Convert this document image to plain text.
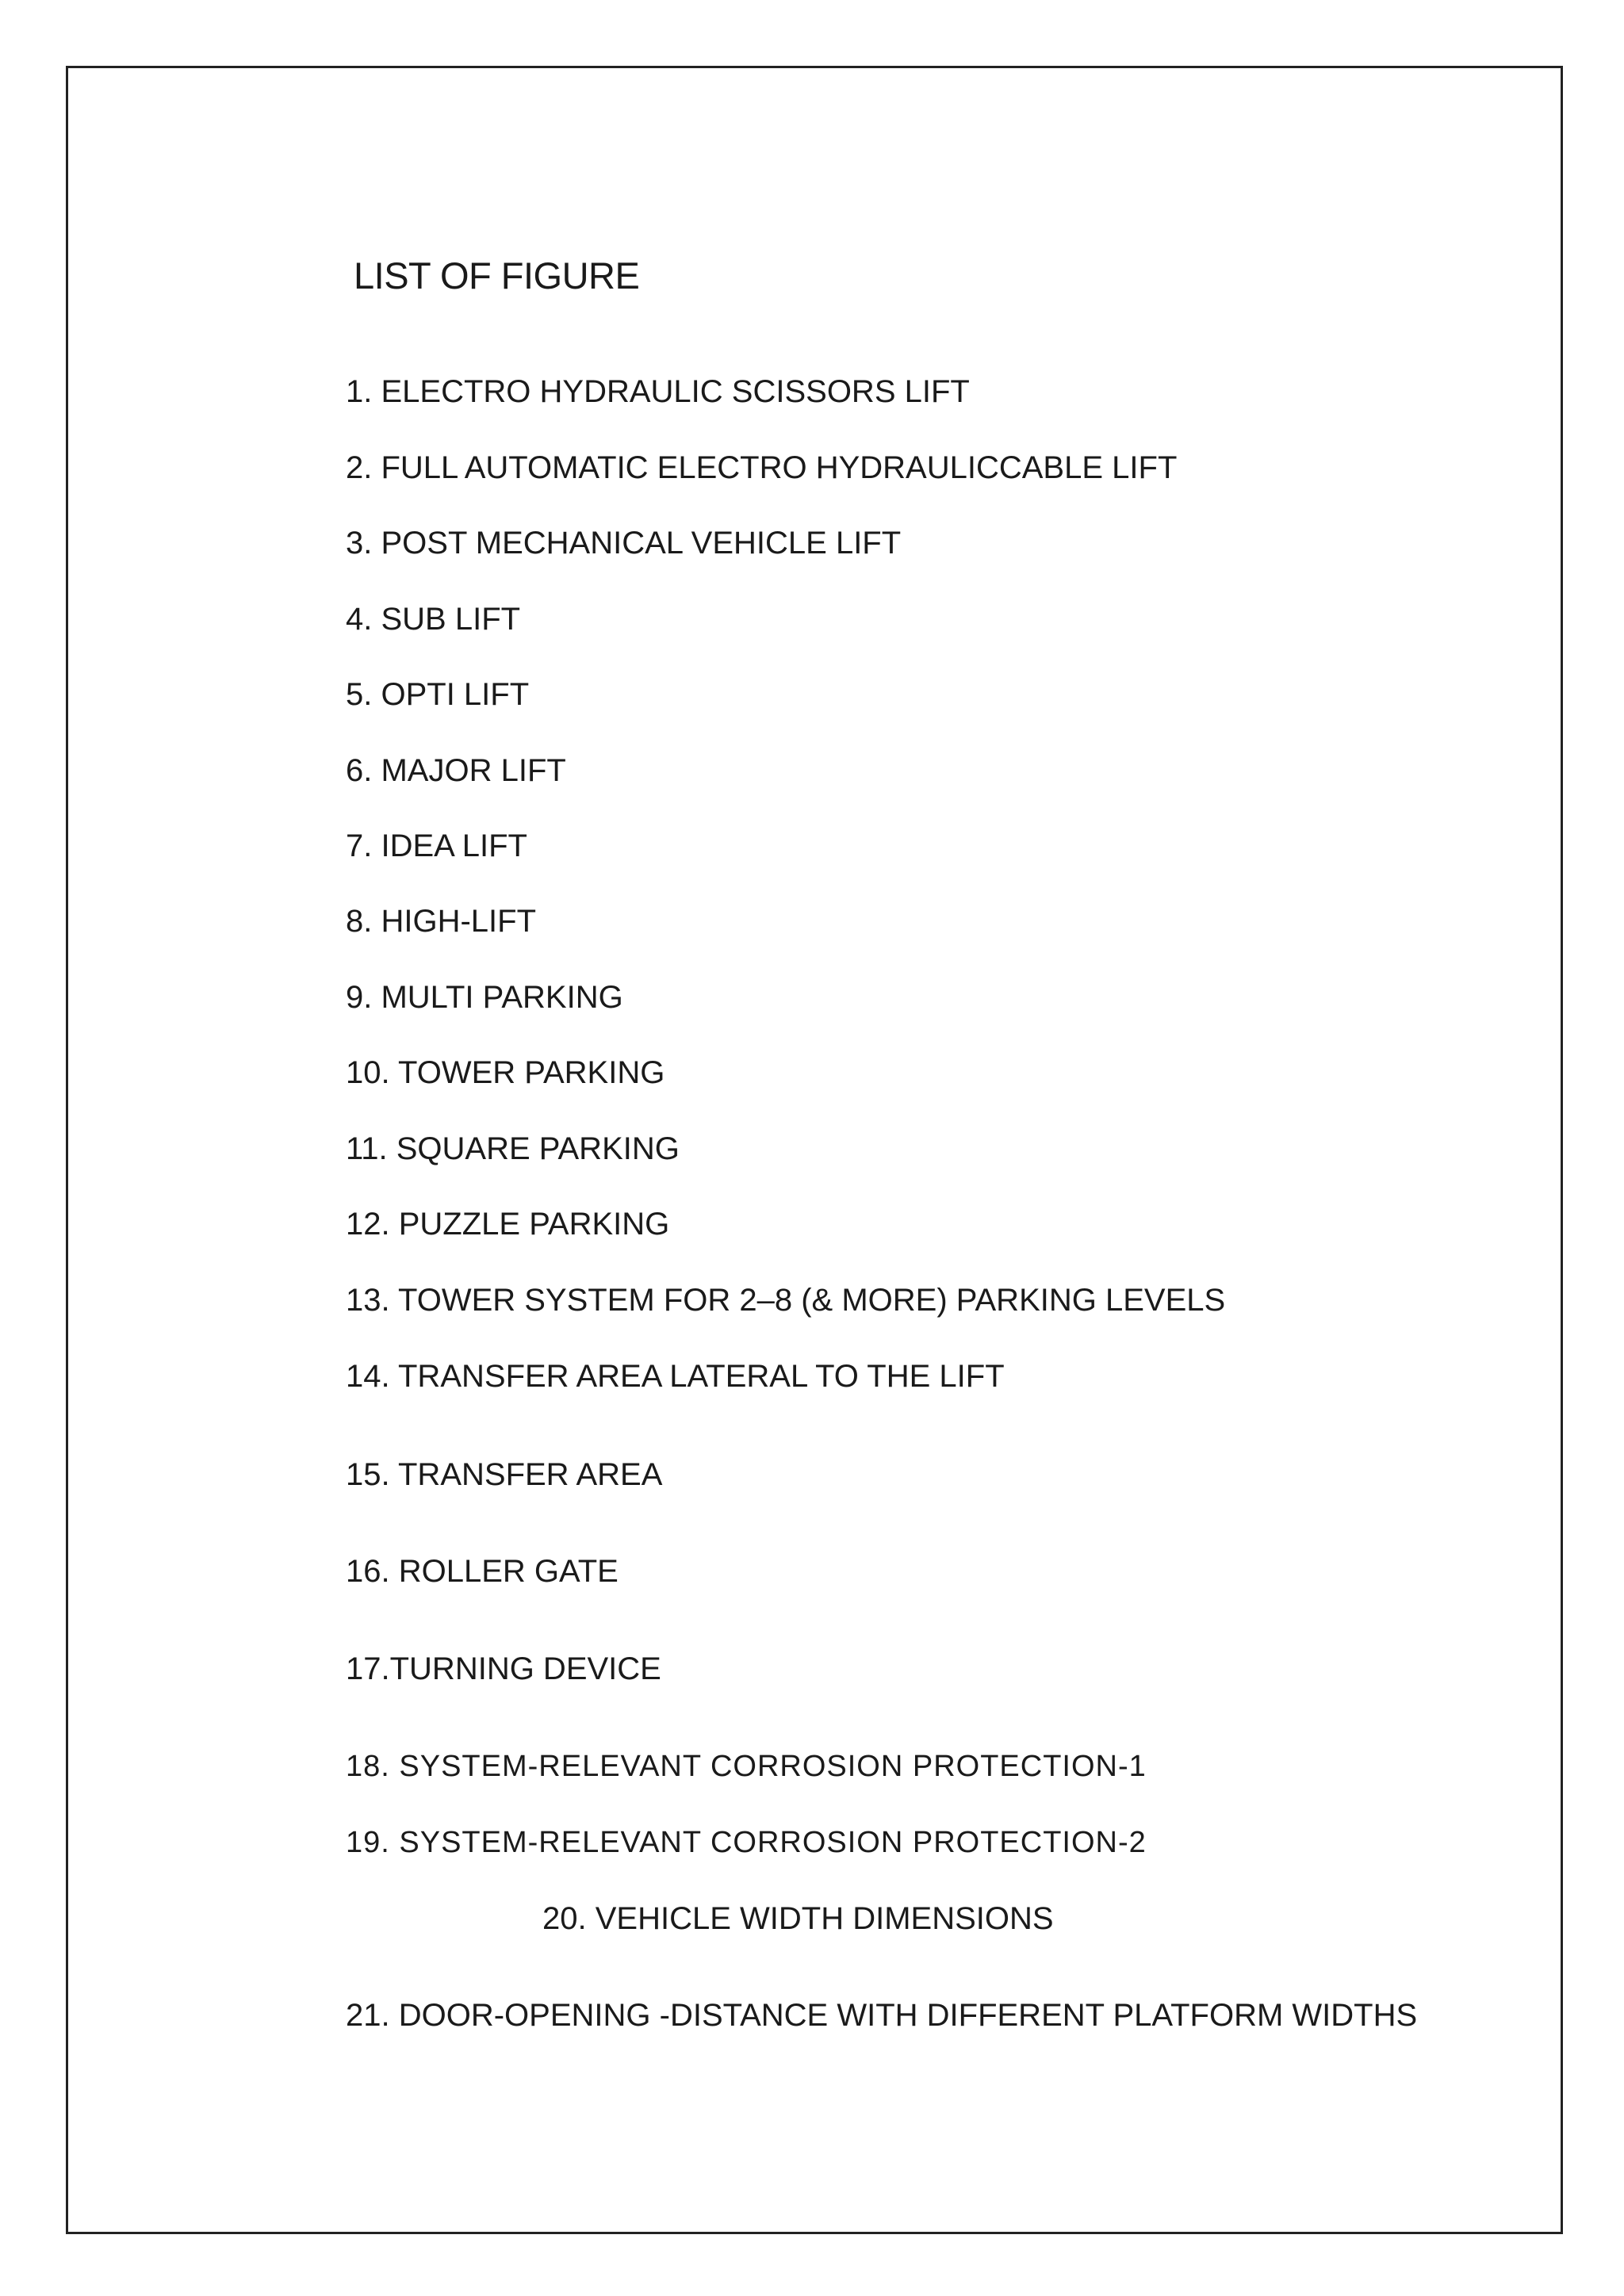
LIST OF FIGURE
1. ELECTRO HYDRAULIC SCISSORS LIFT
2. FULL AUTOMATIC ELECTRO HYDRAULICCABLE LIFT
3. POST MECHANICAL VEHICLE LIFT
4. SUB LIFT
5. OPTI LIFT
6. MAJOR LIFT
7. IDEA LIFT
8. HIGH-LIFT
9. MULTI PARKING
10. TOWER PARKING
11. SQUARE PARKING
12. PUZZLE PARKING
13. TOWER SYSTEM FOR 2–8 (& MORE) PARKING LEVELS
14. TRANSFER AREA LATERAL TO THE LIFT
15. TRANSFER AREA
16. ROLLER GATE
17.TURNING DEVICE
18. SYSTEM-RELEVANT CORROSION PROTECTION-1
19. SYSTEM-RELEVANT CORROSION PROTECTION-2
20. VEHICLE WIDTH DIMENSIONS
21. DOOR-OPENING -DISTANCE WITH DIFFERENT PLATFORM WIDTHS
